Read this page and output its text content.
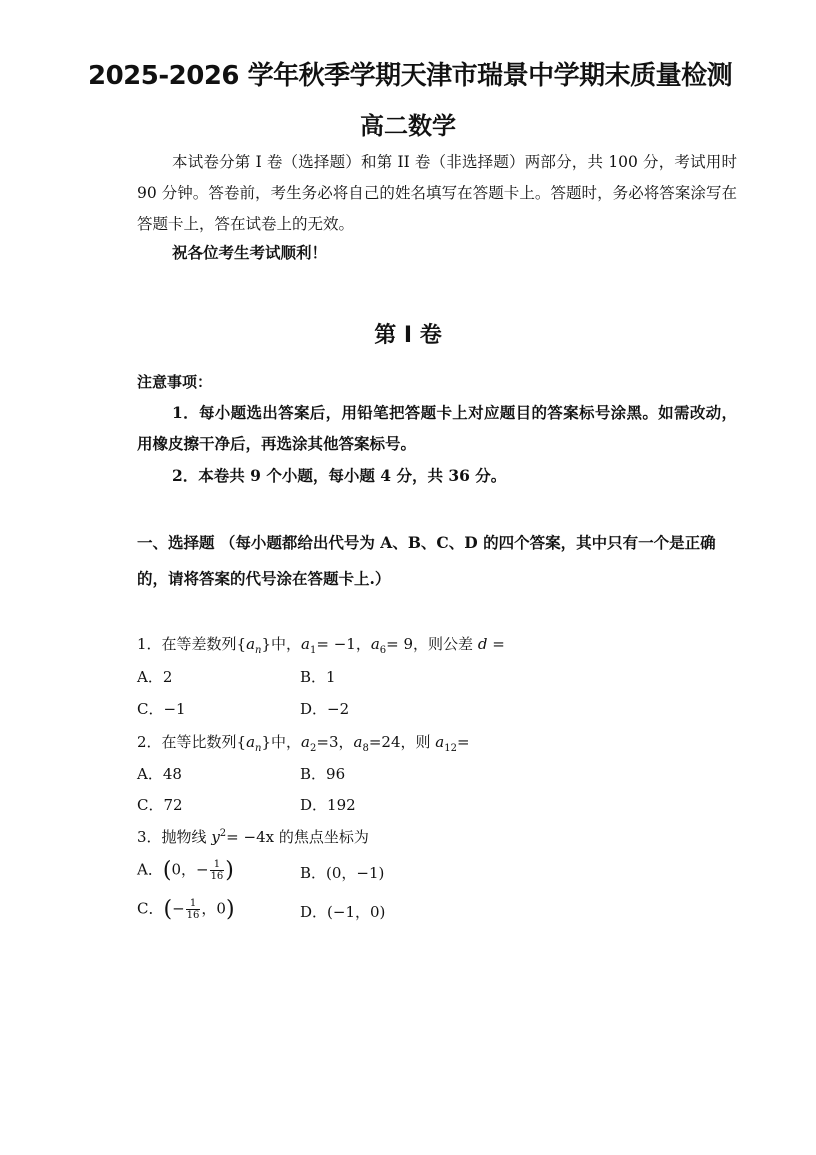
2025-2026 学年秋季学期天津市瑞景中学期末质量检测
高二数学
本试卷分第 I 卷（选择题）和第 II 卷（非选择题）两部分，共 100 分，考试用时 90 分钟。答卷前，考生务必将自己的姓名填写在答题卡上。答题时，务必将答案涂写在答题卡上，答在试卷上的无效。
祝各位考生考试顺利！
第 I 卷
注意事项：
1．每小题选出答案后，用铅笔把答题卡上对应题目的答案标号涂黑。如需改动，用橡皮擦干净后，再选涂其他答案标号。
2．本卷共 9 个小题，每小题 4 分，共 36 分。
一、选择题 （每小题都给出代号为 A、B、C、D 的四个答案，其中只有一个是正确的，请将答案的代号涂在答题卡上.）
1．在等差数列$\{a_n\}$中，$a_1= -1$，$a_6= 9$，则公差 d =
A．2	B．1
C．−1	D．−2
2．在等比数列$\{a_n\}$中，$a_2=3$，$a_8=24$，则 $a_{12}=$
A．48	B．96
C．72	D．192
3．抛物线 $y^2= -4x$ 的焦点坐标为
A．(0，− $\frac{1}{16}$ )	B．(0，−1)
C．(− $\frac{1}{16}$ ，0)	D．(−1，0)
